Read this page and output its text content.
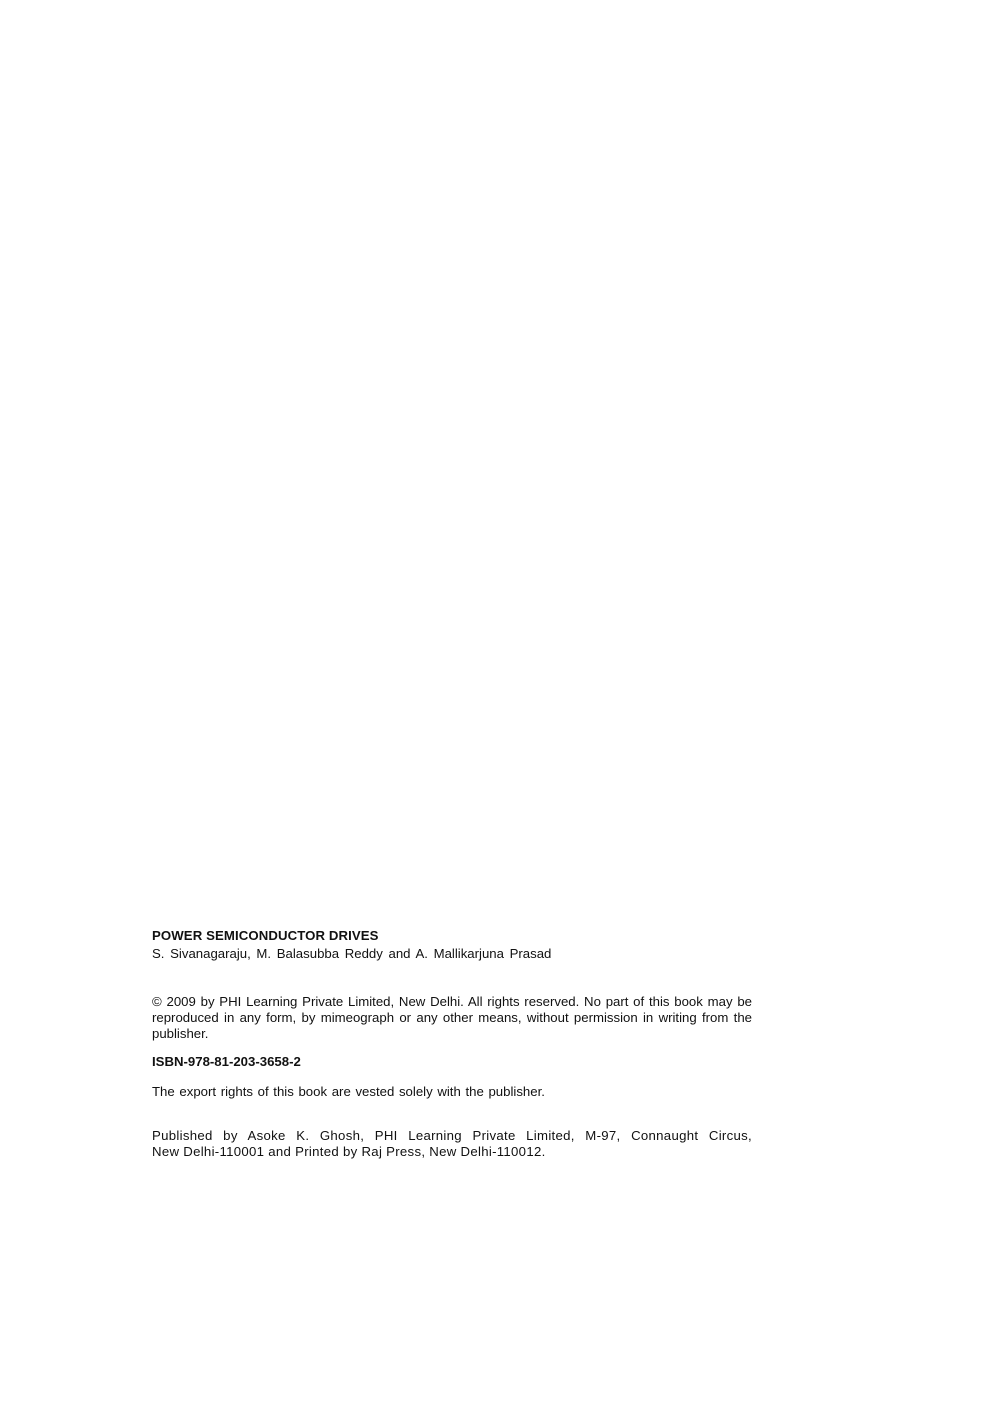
POWER SEMICONDUCTOR DRIVES

S. Sivanagaraju, M. Balasubba Reddy and A. Mallikarjuna Prasad

© 2009 by PHI Learning Private Limited, New Delhi. All rights reserved. No part of this book may be reproduced in any form, by mimeograph or any other means, without permission in writing from the publisher.

ISBN-978-81-203-3658-2

The export rights of this book are vested solely with the publisher.

Published by Asoke K. Ghosh, PHI Learning Private Limited, M-97, Connaught Circus,
New Delhi-110001 and Printed by Raj Press, New Delhi-110012.
